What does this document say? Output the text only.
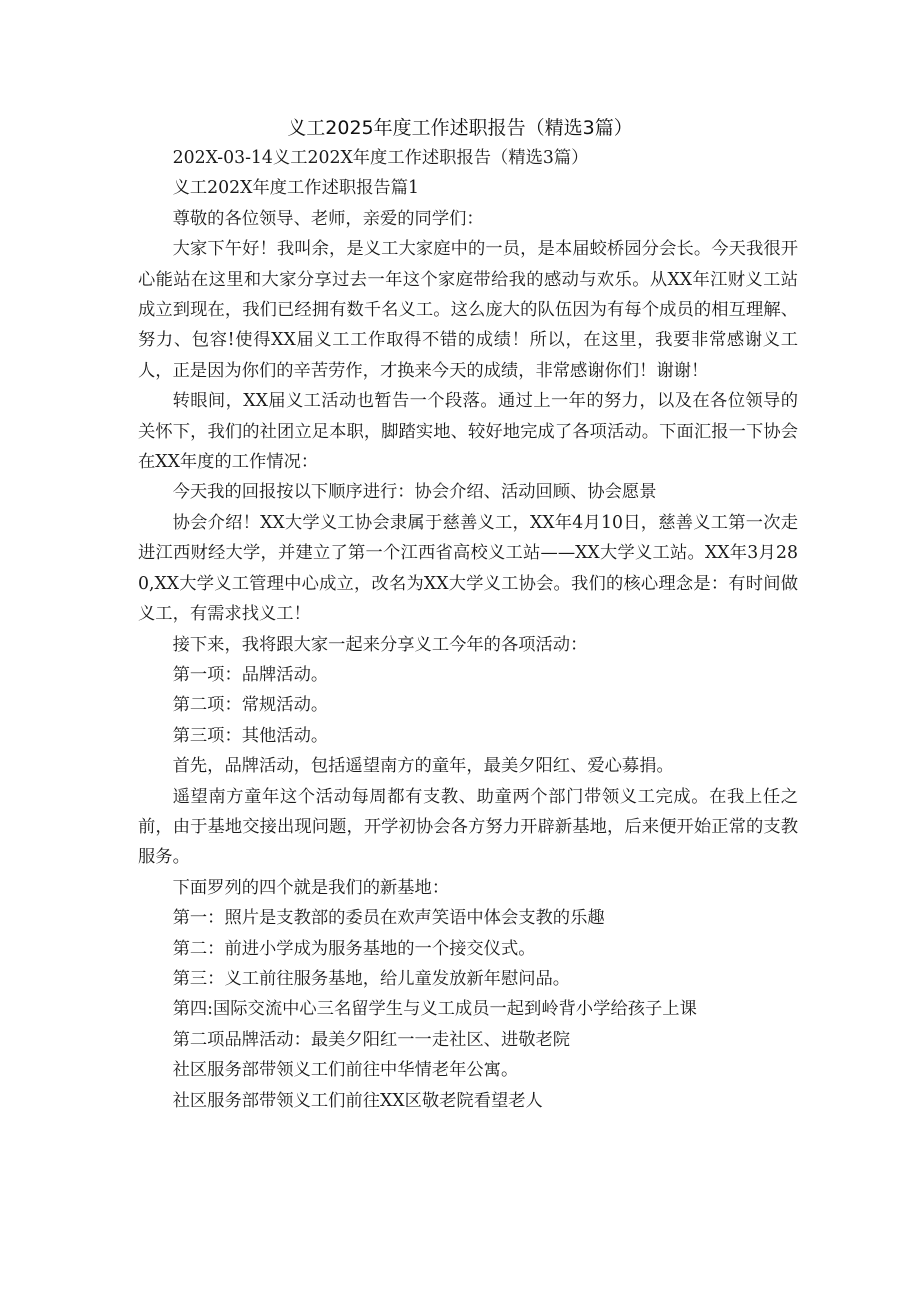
义工2025年度工作述职报告（精选3篇）

202X-03-14义工202X年度工作述职报告（精选3篇）

义工202X年度工作述职报告篇1

尊敬的各位领导、老师，亲爱的同学们：

大家下午好！我叫余，是义工大家庭中的一员，是本届蛟桥园分会长。今天我很开心能站在这里和大家分享过去一年这个家庭带给我的感动与欢乐。从XX年江财义工站成立到现在，我们已经拥有数千名义工。这么庞大的队伍因为有每个成员的相互理解、努力、包容!使得XX届义工工作取得不错的成绩！所以，在这里，我要非常感谢义工人，正是因为你们的辛苦劳作，才换来今天的成绩，非常感谢你们！谢谢！

转眼间，XX届义工活动也暂告一个段落。通过上一年的努力，以及在各位领导的关怀下，我们的社团立足本职，脚踏实地、较好地完成了各项活动。下面汇报一下协会在XX年度的工作情况：

今天我的回报按以下顺序进行：协会介绍、活动回顾、协会愿景

协会介绍！XX大学义工协会隶属于慈善义工，XX年4月10日，慈善义工第一次走进江西财经大学，并建立了第一个江西省高校义工站——XX大学义工站。XX年3月280,XX大学义工管理中心成立，改名为XX大学义工协会。我们的核心理念是：有时间做义工，有需求找义工！

接下来，我将跟大家一起来分享义工今年的各项活动：

第一项：品牌活动。

第二项：常规活动。

第三项：其他活动。

首先，品牌活动，包括遥望南方的童年，最美夕阳红、爱心募捐。

遥望南方童年这个活动每周都有支教、助童两个部门带领义工完成。在我上任之前，由于基地交接出现问题，开学初协会各方努力开辟新基地，后来便开始正常的支教服务。

下面罗列的四个就是我们的新基地：

第一：照片是支教部的委员在欢声笑语中体会支教的乐趣

第二：前进小学成为服务基地的一个接交仪式。

第三：义工前往服务基地，给儿童发放新年慰问品。

第四:国际交流中心三名留学生与义工成员一起到岭背小学给孩子上课

第二项品牌活动：最美夕阳红一一走社区、进敬老院

社区服务部带领义工们前往中华情老年公寓。

社区服务部带领义工们前往XX区敬老院看望老人
